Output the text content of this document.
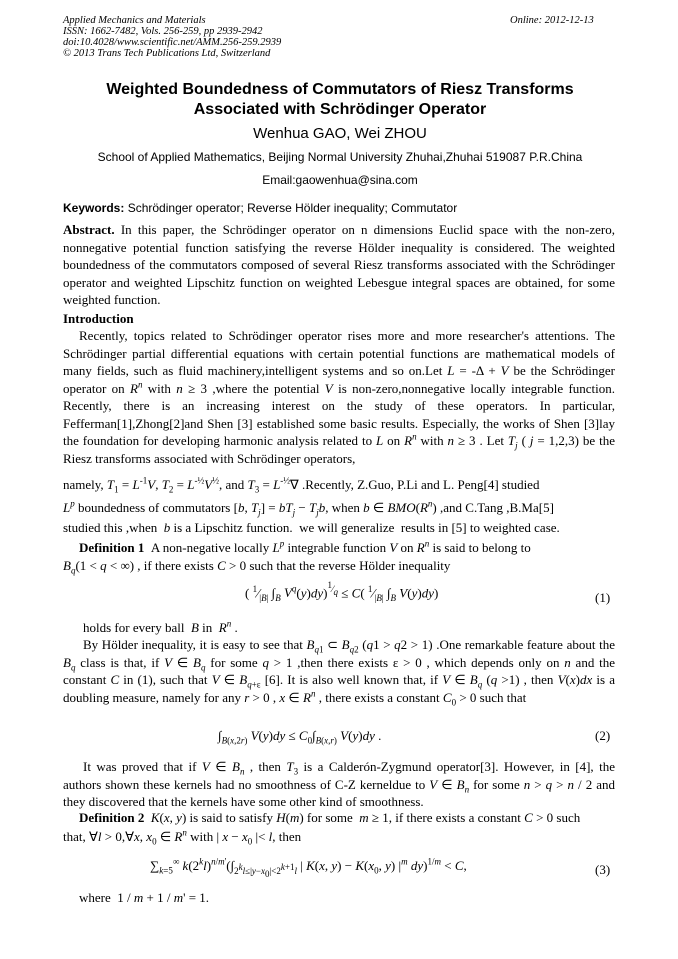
Applied Mechanics and Materials
ISSN: 1662-7482, Vols. 256-259, pp 2939-2942
doi:10.4028/www.scientific.net/AMM.256-259.2939
© 2013 Trans Tech Publications Ltd, Switzerland
Online: 2012-12-13
Weighted Boundedness of Commutators of Riesz Transforms
Associated with Schrödinger Operator
Wenhua GAO, Wei ZHOU
School of Applied Mathematics, Beijing Normal University Zhuhai,Zhuhai 519087 P.R.China
Email:gaowenhua@sina.com
Keywords: Schrödinger operator; Reverse Hölder inequality; Commutator
Abstract. In this paper, the Schrödinger operator on n dimensions Euclid space with the non-zero, nonnegative potential function satisfying the reverse Hölder inequality is considered. The weighted boundedness of the commutators composed of several Riesz transforms associated with the Schrödinger operator and weighted Lipschitz function on weighted Lebesgue integral spaces are obtained, for some weighted function.
Introduction
Recently, topics related to Schrödinger operator rises more and more researcher's attentions. The Schrödinger partial differential equations with certain potential functions are mathematical models of many fields, such as fluid machinery,intelligent systems and so on.Let L = -Δ + V be the Schrödinger operator on $R^n$ with n ≥ 3 ,where the potential V is non-zero,nonnegative locally integrable function. Recently, there is an increasing interest on the study of these operators. In particular, Fefferman[1],Zhong[2]and Shen [3] established some basic results. Especially, the works of Shen [3]lay the foundation for developing harmonic analysis related to L on $R^n$ with n ≥ 3 . Let $T_j$ ( j = 1,2,3) be the Riesz transforms associated with Schrödinger operators,
namely, $T_1 = L^{-1}V$, $T_2 = L^{-\frac{1}{2}}V^{\frac{1}{2}}$, and $T_3 = L^{-\frac{1}{2}}\nabla$ .Recently, Z.Guo, P.Li and L. Peng[4] studied
$L^p$ boundedness of commutators [b, $T_j] = bT_j - T_jb$, when b ∈ $BMO(R^n)$ ,and C.Tang ,B.Ma[5]
studied this ,when  b is a Lipschitz function.  we will generalize  results in [5] to weighted case.
Definition 1  A non-negative locally $L^p$ integrable function V on $R^n$ is said to belong to
$B_q(1 < q$ < ∞) , if there exists C > 0 such that the reverse Hölder inequality
( $^1⁄_{|B|}$ $\int_B$ $V^q(y)dy)^{^1⁄_q} \le C$( $^1⁄_{|B|}$ $\int_B$ V(y)dy)	(1)
holds for every ball  B in  $R^n$ .
By Hölder inequality, it is easy to see that $B_{q1}$ ⊂ $B_{q2}$ (q1 > q2 > 1) .One remarkable feature about the $B_q$ class is that, if V ∈ $B_q$ for some q > 1 ,then there exists ε > 0 , which depends only on n and the constant C in (1), such that V ∈ $B_{q+\varepsilon}$ [6]. It is also well known that, if V ∈ $B_q$ (q >1) , then V(x)dx is a doubling measure, namely for any r > 0 , x ∈ $R^n$ , there exists a constant $C_0 > 0$ such that
$\int_{B(x,2r)}$ $V(y)dy \le C_0\int_{B(x,r)}$ V(y)dy .	(2)
It was proved that if V ∈ $B_n$ , then $T_3$ is a Calderón-Zygmund operator[3]. However, in [4], the authors shown these kernels had no smoothness of C-Z kerneldue to V ∈ $B_n$ for some n > q > n / 2 and they discovered that the kernels have some other kind of smoothness.
Definition 2 K(x, y) is said to satisfy H(m) for some  m ≥ 1, if there exists a constant C > 0 such
that, ∀l > 0,∀x, $x_0$ ∈ $R^n$ with | $x - x_0$ |< l, then
$\sum_{k=5}^\infty$ $k(2^kl)^{n/m'}(\int_{2^kl\le|y-x_0|<2^{k+1}l}$ | K(x, $y) - K(x_0$, y) $|^m$ dy)$^{1/m}$ < C,	(3)
where  1 / m + 1 / m' = 1.
